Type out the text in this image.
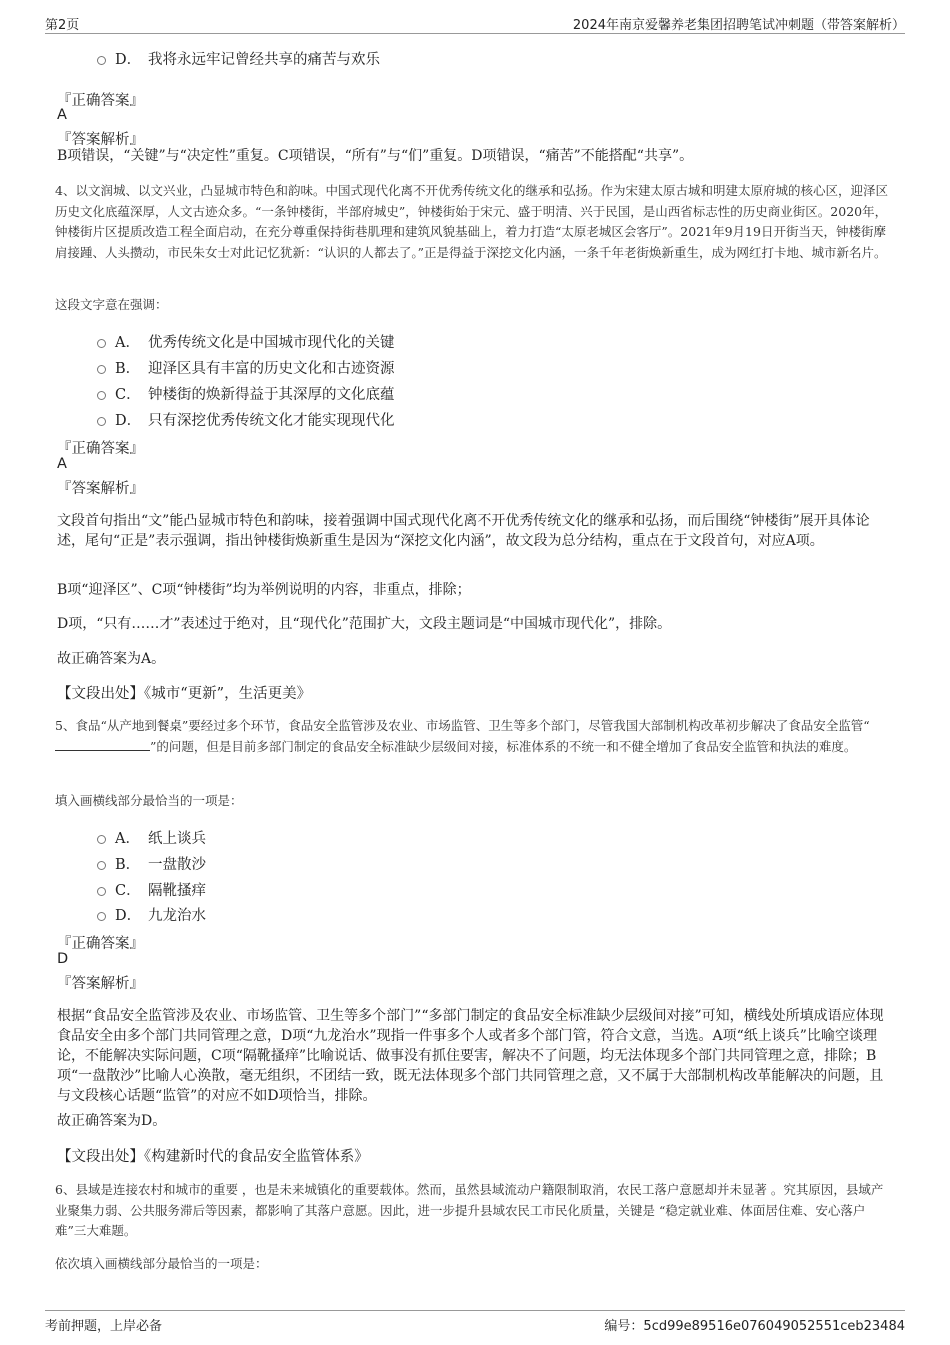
第2页	2024年南京爱馨养老集团招聘笔试冲刺题（带答案解析）
D． 我将永远牢记曾经共享的痛苦与欢乐
『正确答案』
A
『答案解析』
B项错误，“关键”与“决定性”重复。C项错误，“所有”与“们”重复。D项错误，“痛苦”不能搭配“共享”。
4、以文润城、以文兴业，凸显城市特色和韵味。中国式现代化离不开优秀传统文化的继承和弘扬。作为宋建太原古城和明建太原府城的核心区，迎泽区历史文化底蕴深厚，人文古迹众多。“一条钟楼街，半部府城史”，钟楼街始于宋元、盛于明清、兴于民国，是山西省标志性的历史商业街区。2020年，钟楼街片区提质改造工程全面启动，在充分尊重保持街巷肌理和建筑风貌基础上，着力打造“太原老城区会客厅”。2021年9月19日开街当天，钟楼街摩肩接踵、人头攒动，市民朱女士对此记忆犹新：“认识的人都去了。”正是得益于深挖文化内涵，一条千年老街焕新重生，成为网红打卡地、城市新名片。
这段文字意在强调：
A． 优秀传统文化是中国城市现代化的关键
B． 迎泽区具有丰富的历史文化和古迹资源
C． 钟楼街的焕新得益于其深厚的文化底蕴
D． 只有深挖优秀传统文化才能实现现代化
『正确答案』
A
『答案解析』
文段首句指出“文”能凸显城市特色和韵味，接着强调中国式现代化离不开优秀传统文化的继承和弘扬，而后围绕“钟楼街”展开具体论述，尾句“正是”表示强调，指出钟楼街焕新重生是因为“深挖文化内涵”，故文段为总分结构，重点在于文段首句，对应A项。
B项“迎泽区”、C项“钟楼街”均为举例说明的内容，非重点，排除；
D项，“只有……才”表述过于绝对，且“现代化”范围扩大，文段主题词是“中国城市现代化”，排除。
故正确答案为A。
【文段出处】《城市“更新”，生活更美》
5、食品“从产地到餐桌”要经过多个环节，食品安全监管涉及农业、市场监管、卫生等多个部门，尽管我国大部制机构改革初步解决了食品安全监管“”的问题，但是目前多部门制定的食品安全标准缺少层级间对接，标准体系的不统一和不健全增加了食品安全监管和执法的难度。
填入画横线部分最恰当的一项是：
A． 纸上谈兵
B． 一盘散沙
C． 隔靴搔痒
D． 九龙治水
『正确答案』
D
『答案解析』
根据“食品安全监管涉及农业、市场监管、卫生等多个部门”“多部门制定的食品安全标准缺少层级间对接”可知，横线处所填成语应体现食品安全由多个部门共同管理之意，D项“九龙治水”现指一件事多个人或者多个部门管，符合文意，当选。A项“纸上谈兵”比喻空谈理论，不能解决实际问题，C项“隔靴搔痒”比喻说话、做事没有抓住要害，解决不了问题，均无法体现多个部门共同管理之意，排除；B项“一盘散沙”比喻人心涣散，毫无组织，不团结一致，既无法体现多个部门共同管理之意，又不属于大部制机构改革能解决的问题，且与文段核心话题“监管”的对应不如D项恰当，排除。
故正确答案为D。
【文段出处】《构建新时代的食品安全监管体系》
6、县域是连接农村和城市的重要 ，也是未来城镇化的重要载体。然而，虽然县域流动户籍限制取消，农民工落户意愿却并未显著 。究其原因，县域产业聚集力弱、公共服务滞后等因素，都影响了其落户意愿。因此，进一步提升县域农民工市民化质量，关键是 “稳定就业难、体面居住难、安心落户难”三大难题。
依次填入画横线部分最恰当的一项是：
考前押题，上岸必备	编号：5cd99e89516e076049052551ceb23484
